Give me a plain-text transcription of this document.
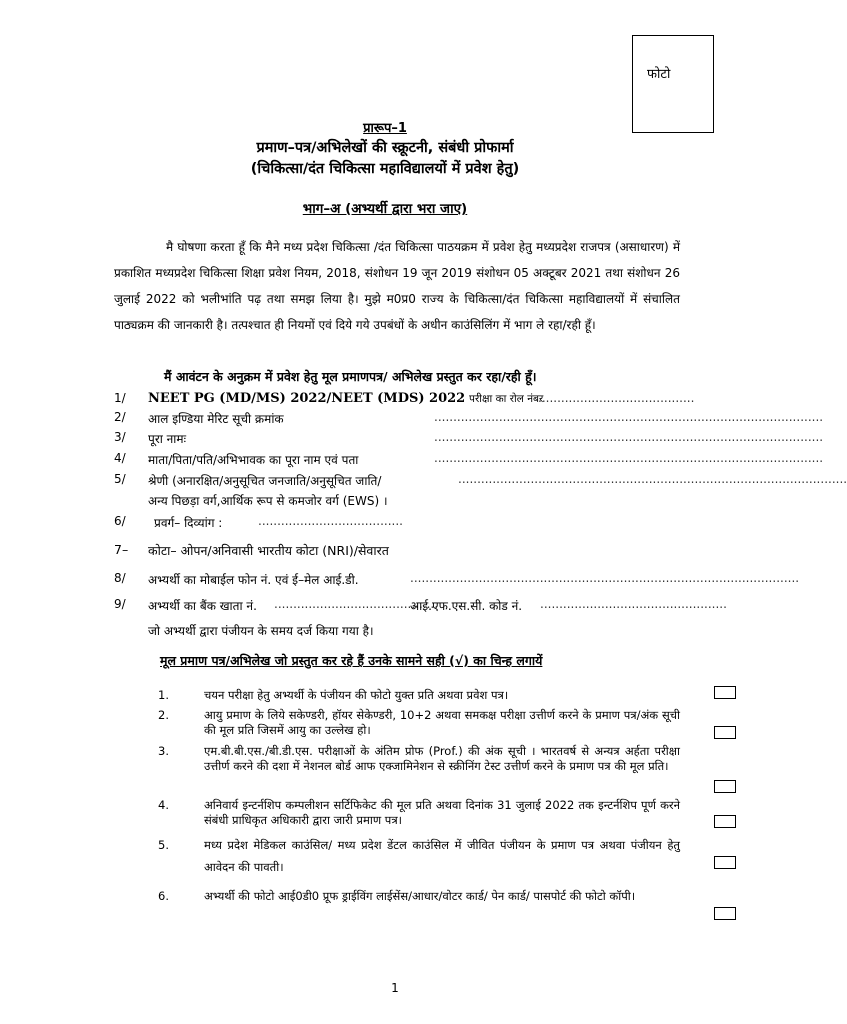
फोटो
प्रारूप–1
प्रमाण–पत्र/अभिलेखों की स्क्रूटनी, संबंधी प्रोफार्मा
(चिकित्सा/दंत चिकित्सा महाविद्यालयों में प्रवेश हेतु)
भाग–अ (अभ्यर्थी द्वारा भरा जाए)
मै घोषणा करता हूँ कि मैने मध्य प्रदेश चिकित्सा /दंत चिकित्सा पाठयक्रम में प्रवेश हेतु मध्यप्रदेश राजपत्र (असाधारण) में प्रकाशित मध्यप्रदेश चिकित्सा शिक्षा प्रवेश नियम, 2018, संशोधन 19 जून 2019 संशोधन 05 अक्टूबर 2021 तथा संशोधन 26 जुलाई 2022 को भलीभांति पढ़ तथा समझ लिया है। मुझे म0प्र0 राज्य के चिकित्सा/दंत चिकित्सा महाविद्यालयों में संचालित पाठ्यक्रम की जानकारी है। तत्पश्चात ही नियमों एवं दिये गये उपबंधों के अधीन काउंसिलिंग में भाग ले रहा/रही हूँ।
मैं आवंटन के अनुक्रम में प्रवेश हेतु मूल प्रमाणपत्र/ अभिलेख प्रस्तुत कर रहा/रही हूँ।
1/ NEET PG (MD/MS) 2022/NEET (MDS) 2022 परीक्षा का रोल नंबर
.........................................
2/ आल इण्डिया मेरिट सूची क्रमांक	......................................................................................................
3/ पूरा नामः	......................................................................................................
4/ माता/पिता/पति/अभिभावक का पूरा नाम एवं पता	......................................................................................................
5/ श्रेणी (अनारक्षित/अनुसूचित जनजाति/अनुसूचित जाति/	......................................................................................................
अन्य पिछड़ा वर्ग,आर्थिक रूप से कमजोर वर्ग (EWS) ।
6/ प्रवर्ग– दिव्यांग :	......................................
7– कोटा– ओपन/अनिवासी भारतीय कोटा (NRI)/सेवारत
8/ अभ्यर्थी का मोबाईल फोन नं. एवं ई–मेल आई.डी.	......................................................................................................
9/ अभ्यर्थी का बैंक खाता नं. ...........................................
आई.एफ.एस.सी. कोड नं. .................................................
जो अभ्यर्थी द्वारा पंजीयन के समय दर्ज किया गया है।
मूल प्रमाण पत्र/अभिलेख जो प्रस्तुत कर रहे हैं उनके सामने सही (√) का चिन्ह लगायें
1.	चयन परीक्षा हेतु अभ्यर्थी के पंजीयन की फोटो युक्त प्रति अथवा प्रवेश पत्र।
2.	आयु प्रमाण के लिये सकेण्डरी, हॉयर सेकेण्डरी, 10+2 अथवा समकक्ष परीक्षा उत्तीर्ण करने के प्रमाण पत्र/अंक सूची की मूल प्रति जिसमें आयु का उल्लेख हो।
3.	एम.बी.बी.एस./बी.डी.एस. परीक्षाओं के अंतिम प्रोफ (Prof.) की अंक सूची । भारतवर्ष से अन्यत्र अर्हता परीक्षा उत्तीर्ण करने की दशा में नेशनल बोर्ड आफ एक्जामिनेशन से स्क्रीनिंग टेस्ट उत्तीर्ण करने के प्रमाण पत्र की मूल प्रति।
4.	अनिवार्य इन्टर्नशिप कम्पलीशन सर्टिफिकेट की मूल प्रति अथवा दिनांक 31 जुलाई 2022 तक इन्टर्नशिप पूर्ण करने संबंधी प्राधिकृत अधिकारी द्वारा जारी प्रमाण पत्र।
5.	मध्य प्रदेश मेडिकल काउंसिल/ मध्य प्रदेश डेंटल काउंसिल में जीवित पंजीयन के प्रमाण पत्र अथवा पंजीयन हेतु आवेदन की पावती।
6.	अभ्यर्थी की फोटो आई0डी0 प्रूफ ड्राईविंग लाईसेंस/आधार/वोटर कार्ड/ पेन कार्ड/ पासपोर्ट की फोटो कॉपी।
1
